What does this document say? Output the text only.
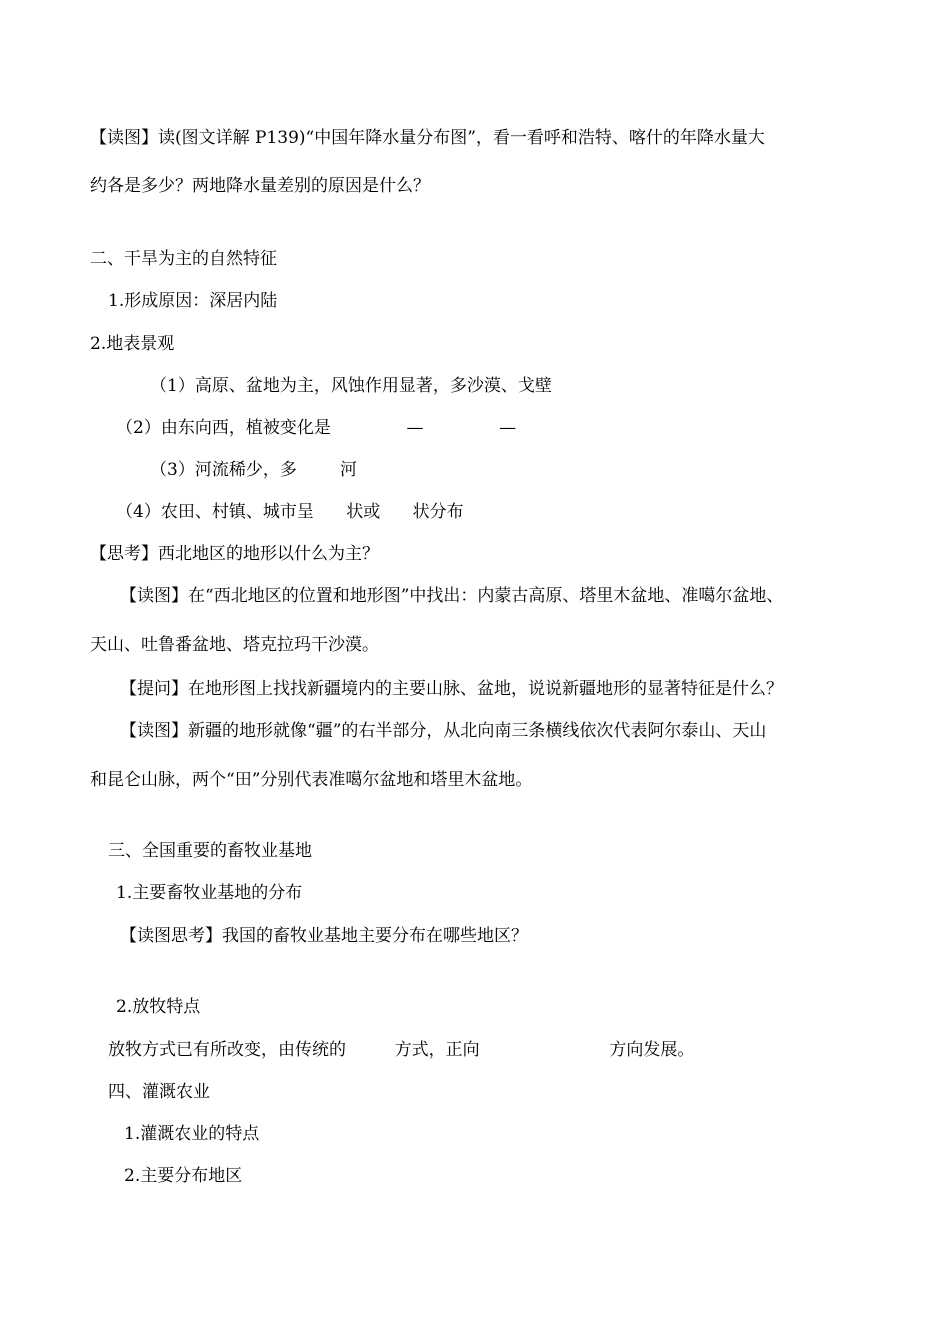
【读图】读(图文详解 P139)“中国年降水量分布图”，看一看呼和浩特、喀什的年降水量大

约各是多少？两地降水量差别的原因是什么？

二、干旱为主的自然特征

1.形成原因：深居内陆

2.地表景观

（1）高原、盆地为主，风蚀作用显著，多沙漠、戈壁

（2）由东向西，植被变化是              —              —

（3）河流稀少，多        河

（4）农田、村镇、城市呈      状或      状分布

【思考】西北地区的地形以什么为主？

【读图】在“西北地区的位置和地形图”中找出：内蒙古高原、塔里木盆地、准噶尔盆地、

天山、吐鲁番盆地、塔克拉玛干沙漠。

【提问】在地形图上找找新疆境内的主要山脉、盆地，说说新疆地形的显著特征是什么？

【读图】新疆的地形就像“疆”的右半部分，从北向南三条横线依次代表阿尔泰山、天山

和昆仑山脉，两个“田”分别代表准噶尔盆地和塔里木盆地。

三、全国重要的畜牧业基地

1.主要畜牧业基地的分布

【读图思考】我国的畜牧业基地主要分布在哪些地区？

2.放牧特点

放牧方式已有所改变，由传统的         方式，正向                        方向发展。

四、灌溉农业

1.灌溉农业的特点

2.主要分布地区
